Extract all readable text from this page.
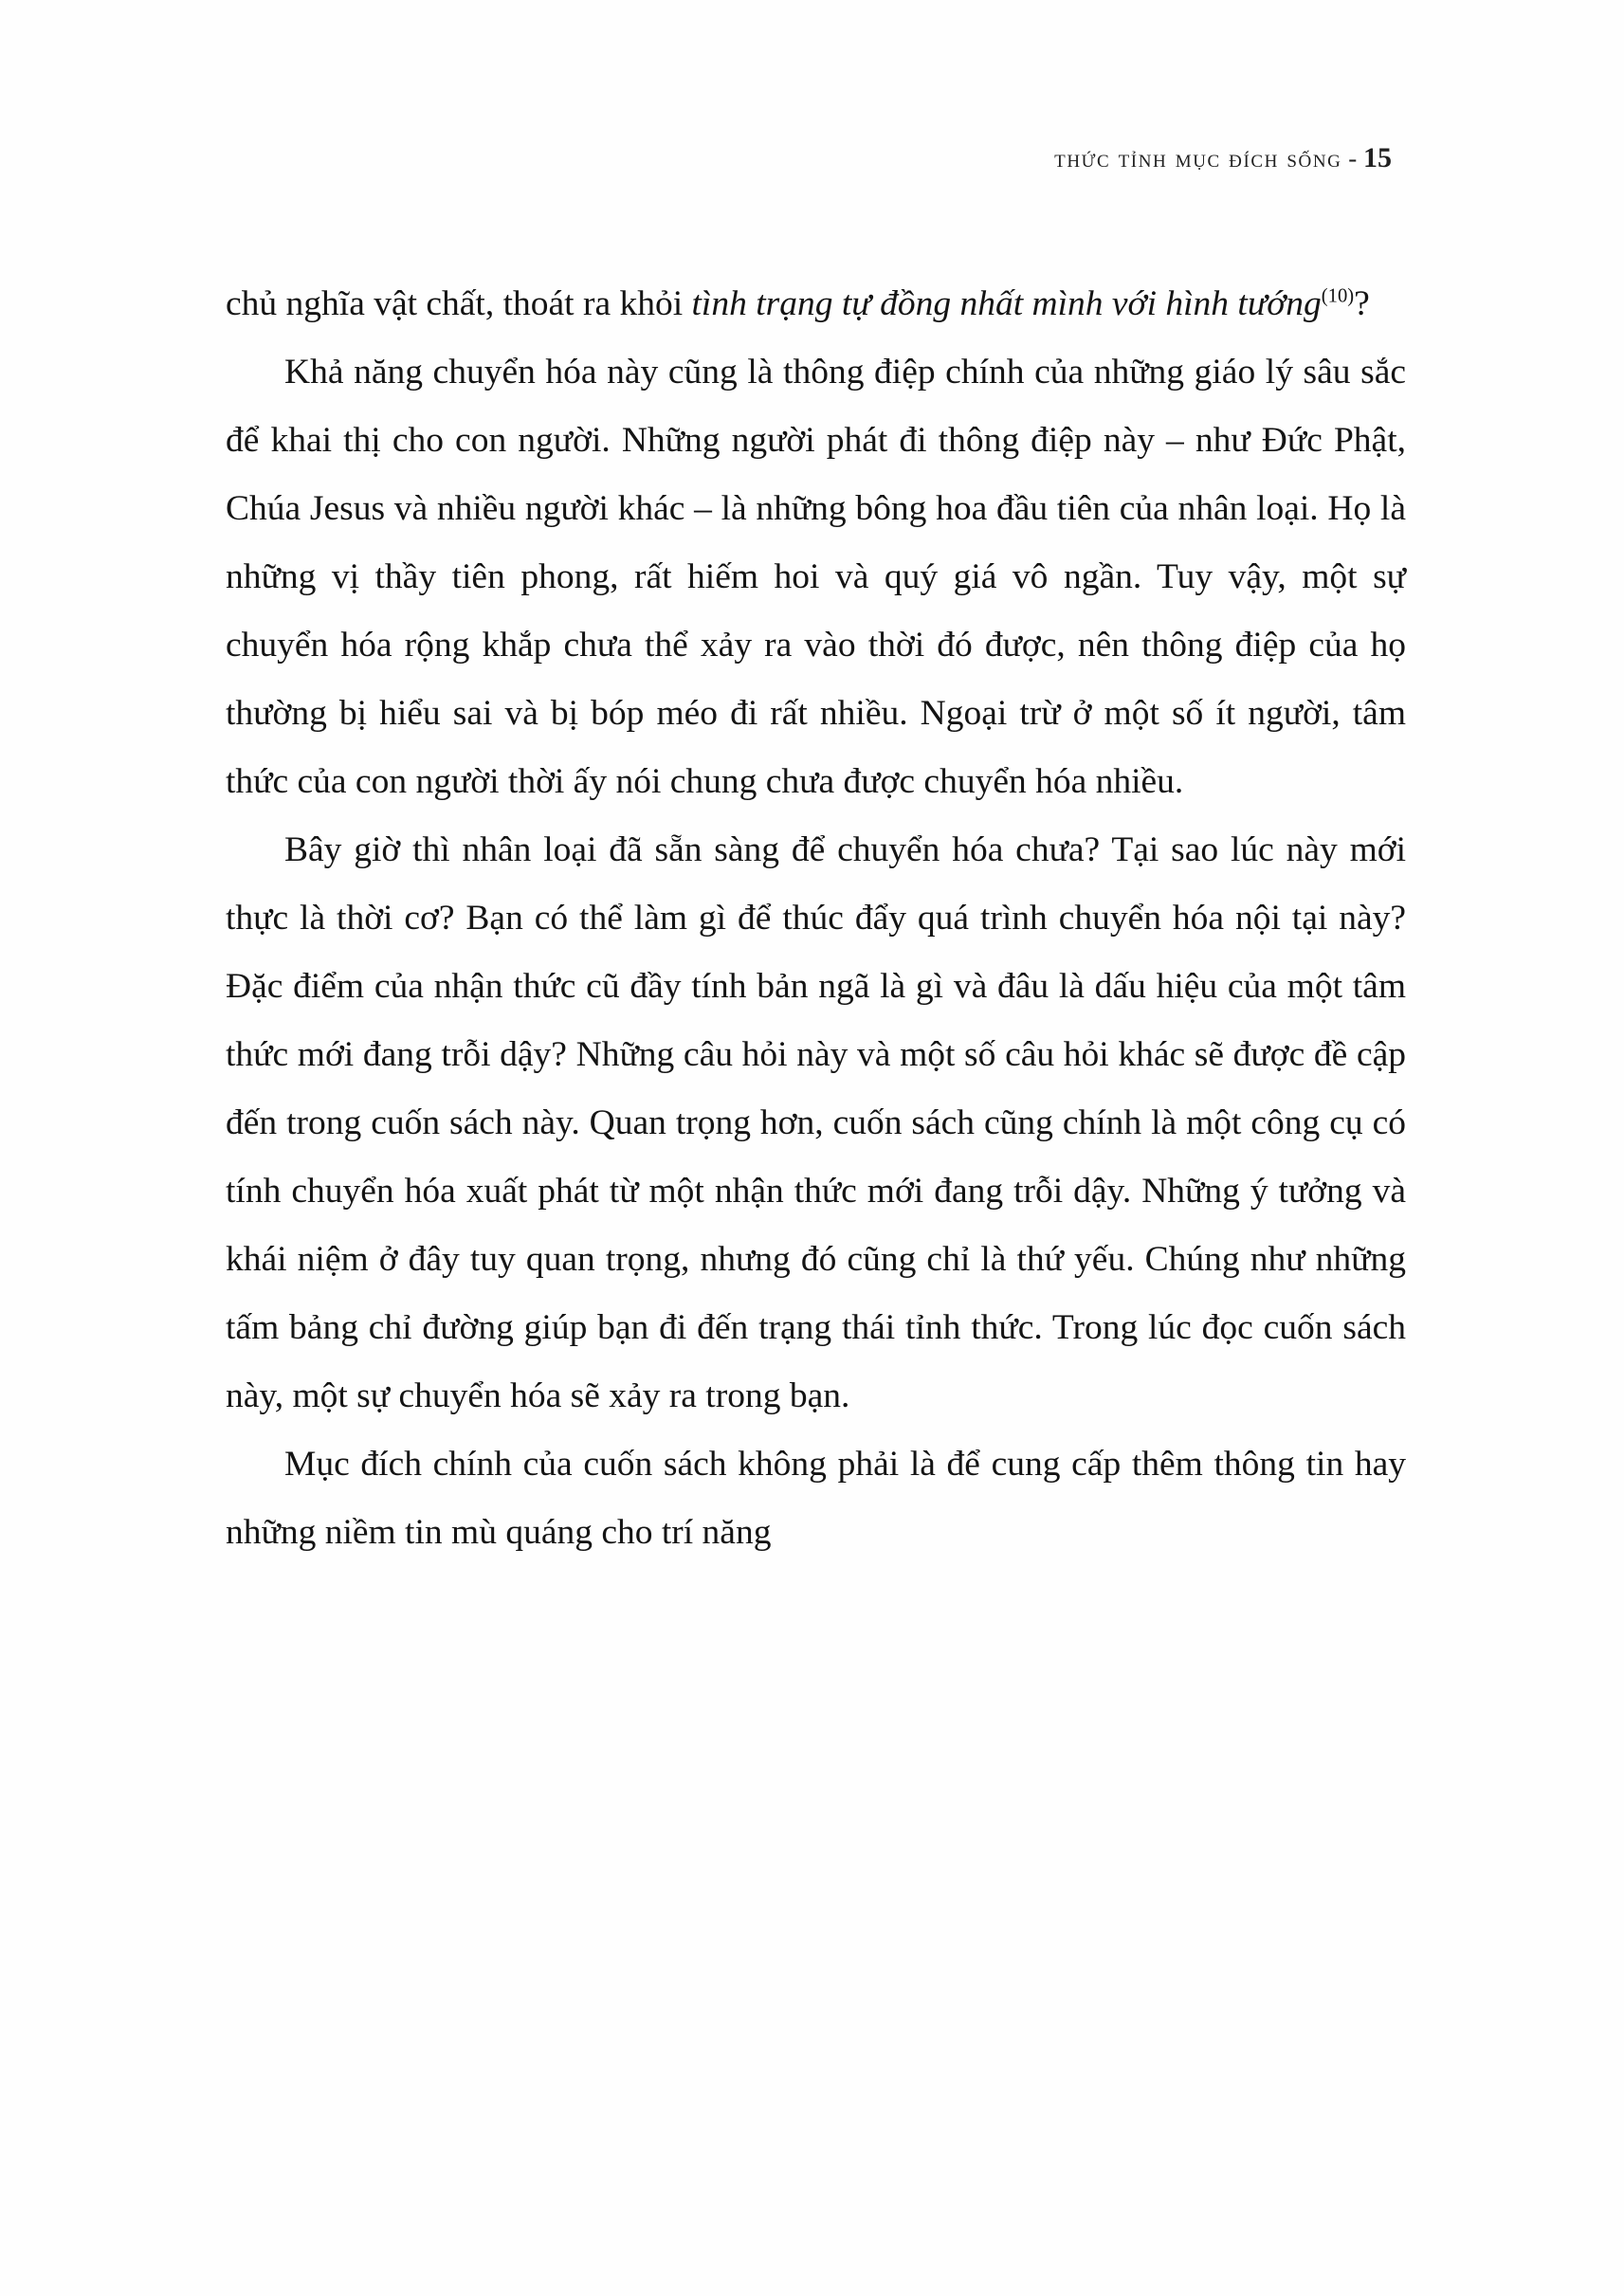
thức tỉnh mục đích sống - 15

chủ nghĩa vật chất, thoát ra khỏi tình trạng tự đồng nhất mình với hình tướng$^{(10)}$?

Khả năng chuyển hóa này cũng là thông điệp chính của những giáo lý sâu sắc để khai thị cho con người. Những người phát đi thông điệp này – như Đức Phật, Chúa Jesus và nhiều người khác – là những bông hoa đầu tiên của nhân loại. Họ là những vị thầy tiên phong, rất hiếm hoi và quý giá vô ngần. Tuy vậy, một sự chuyển hóa rộng khắp chưa thể xảy ra vào thời đó được, nên thông điệp của họ thường bị hiểu sai và bị bóp méo đi rất nhiều. Ngoại trừ ở một số ít người, tâm thức của con người thời ấy nói chung chưa được chuyển hóa nhiều.

Bây giờ thì nhân loại đã sẵn sàng để chuyển hóa chưa? Tại sao lúc này mới thực là thời cơ? Bạn có thể làm gì để thúc đẩy quá trình chuyển hóa nội tại này? Đặc điểm của nhận thức cũ đầy tính bản ngã là gì và đâu là dấu hiệu của một tâm thức mới đang trỗi dậy? Những câu hỏi này và một số câu hỏi khác sẽ được đề cập đến trong cuốn sách này. Quan trọng hơn, cuốn sách cũng chính là một công cụ có tính chuyển hóa xuất phát từ một nhận thức mới đang trỗi dậy. Những ý tưởng và khái niệm ở đây tuy quan trọng, nhưng đó cũng chỉ là thứ yếu. Chúng như những tấm bảng chỉ đường giúp bạn đi đến trạng thái tỉnh thức. Trong lúc đọc cuốn sách này, một sự chuyển hóa sẽ xảy ra trong bạn.

Mục đích chính của cuốn sách không phải là để cung cấp thêm thông tin hay những niềm tin mù quáng cho trí năng
